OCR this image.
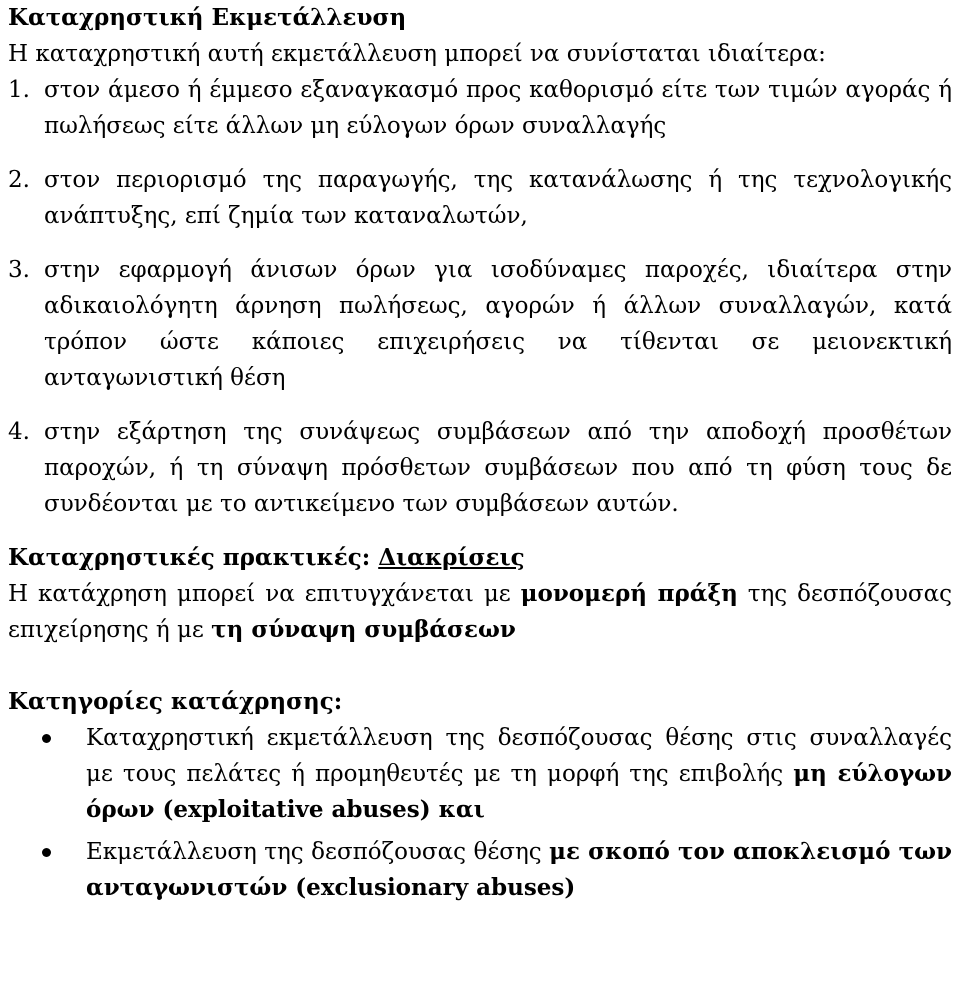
Καταχρηστική Εκμετάλλευση
Η καταχρηστική αυτή εκμετάλλευση μπορεί να συνίσταται ιδιαίτερα:
1. στον άμεσο ή έμμεσο εξαναγκασμό προς καθορισμό είτε των τιμών αγοράς ή πωλήσεως είτε άλλων μη εύλογων όρων συναλλαγής
2. στον περιορισμό της παραγωγής, της κατανάλωσης ή της τεχνολογικής ανάπτυξης, επί ζημία των καταναλωτών,
3. στην εφαρμογή άνισων όρων για ισοδύναμες παροχές, ιδιαίτερα στην αδικαιολόγητη άρνηση πωλήσεως, αγορών ή άλλων συναλλαγών, κατά τρόπον ώστε κάποιες επιχειρήσεις να τίθενται σε μειονεκτική ανταγωνιστική θέση
4. στην εξάρτηση της συνάψεως συμβάσεων από την αποδοχή προσθέτων παροχών, ή τη σύναψη πρόσθετων συμβάσεων που από τη φύση τους δε συνδέονται με το αντικείμενο των συμβάσεων αυτών.
Καταχρηστικές πρακτικές: Διακρίσεις
Η κατάχρηση μπορεί να επιτυγχάνεται με μονομερή πράξη της δεσπόζουσας επιχείρησης ή με τη σύναψη συμβάσεων
Κατηγορίες κατάχρησης:
Καταχρηστική εκμετάλλευση της δεσπόζουσας θέσης στις συναλλαγές με τους πελάτες ή προμηθευτές με τη μορφή της επιβολής μη εύλογων όρων (exploitative abuses) και
Εκμετάλλευση της δεσπόζουσας θέσης με σκοπό τον αποκλεισμό των ανταγωνιστών (exclusionary abuses)
